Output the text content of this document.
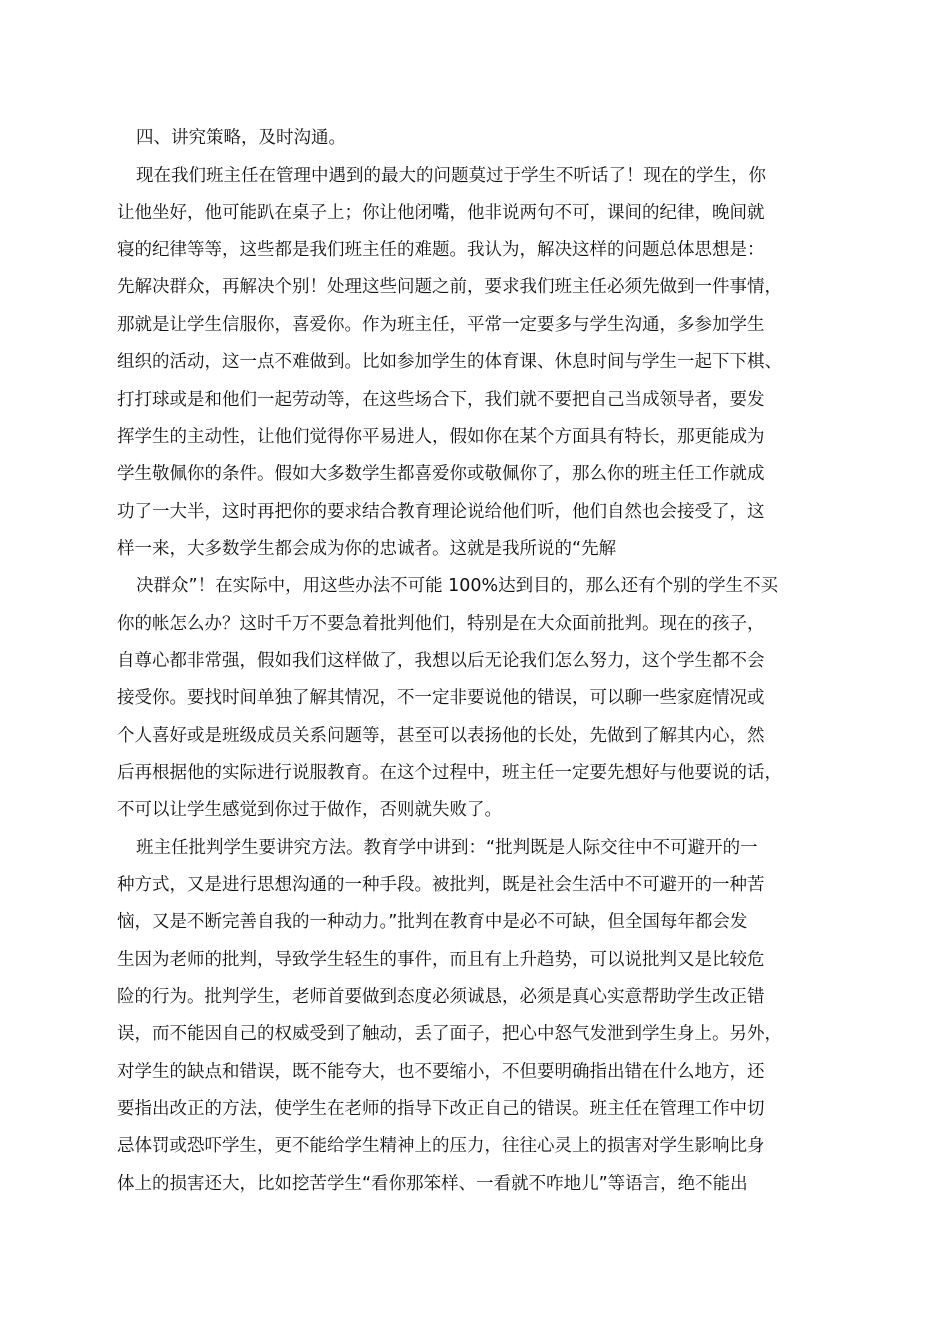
四、讲究策略，及时沟通。
现在我们班主任在管理中遇到的最大的问题莫过于学生不听话了！现在的学生，你
让他坐好，他可能趴在桌子上；你让他闭嘴，他非说两句不可，课间的纪律，晚间就
寝的纪律等等，这些都是我们班主任的难题。我认为，解决这样的问题总体思想是：
先解决群众，再解决个别！处理这些问题之前，要求我们班主任必须先做到一件事情，
那就是让学生信服你，喜爱你。作为班主任，平常一定要多与学生沟通，多参加学生
组织的活动，这一点不难做到。比如参加学生的体育课、休息时间与学生一起下下棋、
打打球或是和他们一起劳动等，在这些场合下，我们就不要把自己当成领导者，要发
挥学生的主动性，让他们觉得你平易进人，假如你在某个方面具有特长，那更能成为
学生敬佩你的条件。假如大多数学生都喜爱你或敬佩你了，那么你的班主任工作就成
功了一大半，这时再把你的要求结合教育理论说给他们听，他们自然也会接受了，这
样一来，大多数学生都会成为你的忠诚者。这就是我所说的“先解
决群众”！在实际中，用这些办法不可能 100%达到目的，那么还有个别的学生不买
你的帐怎么办？这时千万不要急着批判他们，特别是在大众面前批判。现在的孩子，
自尊心都非常强，假如我们这样做了，我想以后无论我们怎么努力，这个学生都不会
接受你。要找时间单独了解其情况，不一定非要说他的错误，可以聊一些家庭情况或
个人喜好或是班级成员关系问题等，甚至可以表扬他的长处，先做到了解其内心，然
后再根据他的实际进行说服教育。在这个过程中，班主任一定要先想好与他要说的话，
不可以让学生感觉到你过于做作，否则就失败了。
班主任批判学生要讲究方法。教育学中讲到：“批判既是人际交往中不可避开的一
种方式，又是进行思想沟通的一种手段。被批判，既是社会生活中不可避开的一种苦
恼，又是不断完善自我的一种动力。”批判在教育中是必不可缺，但全国每年都会发
生因为老师的批判，导致学生轻生的事件，而且有上升趋势，可以说批判又是比较危
险的行为。批判学生，老师首要做到态度必须诚恳，必须是真心实意帮助学生改正错
误，而不能因自己的权威受到了触动，丢了面子，把心中怒气发泄到学生身上。另外，
对学生的缺点和错误，既不能夸大，也不要缩小，不但要明确指出错在什么地方，还
要指出改正的方法，使学生在老师的指导下改正自己的错误。班主任在管理工作中切
忌体罚或恐吓学生，更不能给学生精神上的压力，往往心灵上的损害对学生影响比身
体上的损害还大，比如挖苦学生“看你那笨样、一看就不咋地儿”等语言，绝不能出
